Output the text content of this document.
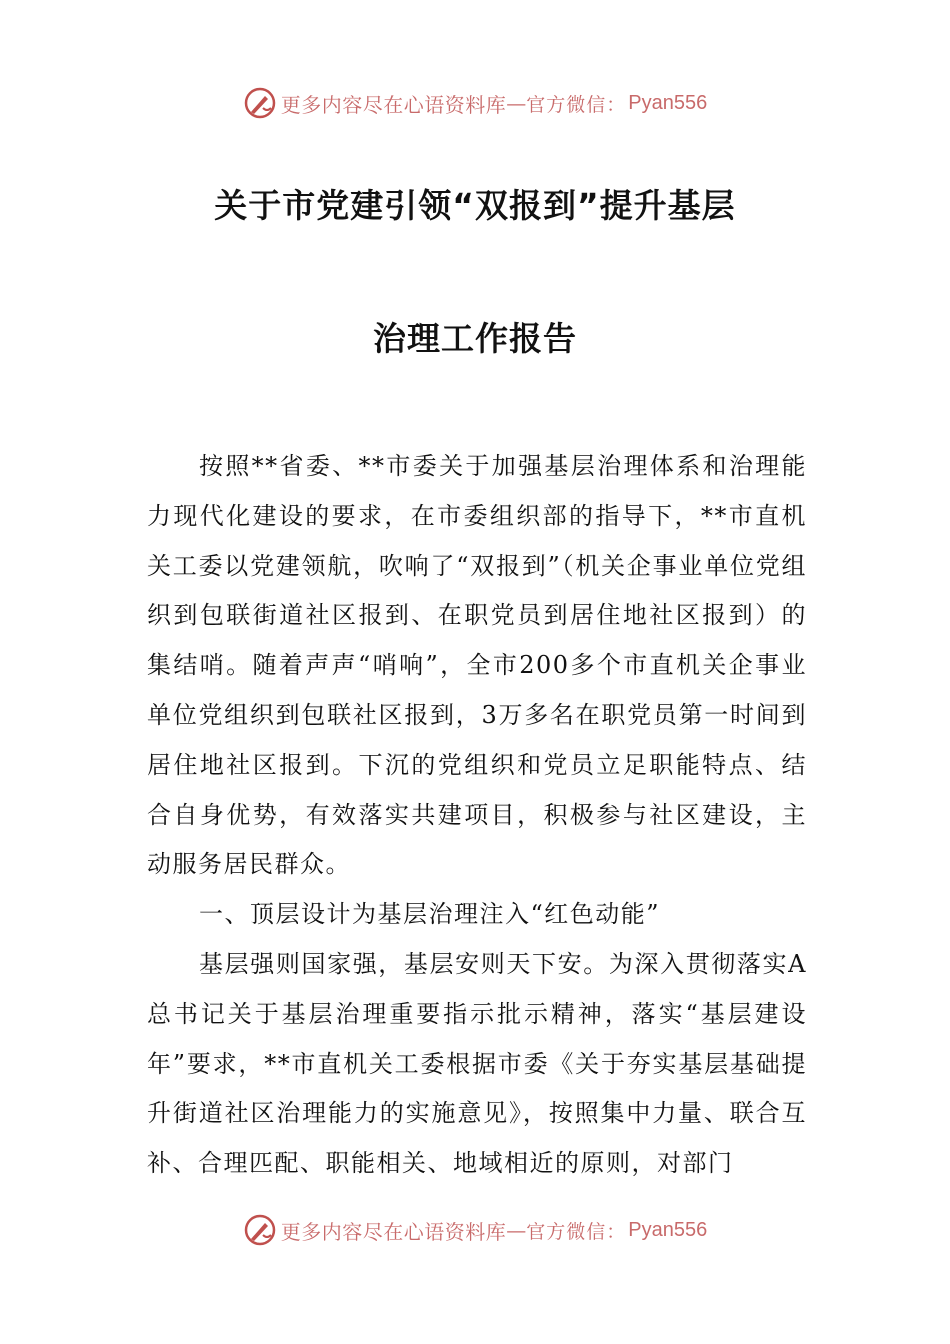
更多内容尽在心语资料库 — 官方微信： Pyan556
关于市党建引领“双报到”提升基层
治理工作报告

按照**省委、**市委关于加强基层治理体系和治理能力现代化建设的要求，在市委组织部的指导下，**市直机关工委以党建领航，吹响了“双报到”（机关企事业单位党组织到包联街道社区报到、在职党员到居住地社区报到）的集结哨。随着声声“哨响”，全市200多个市直机关企事业单位党组织到包联社区报到，3万多名在职党员第一时间到居住地社区报到。下沉的党组织和党员立足职能特点、结合自身优势，有效落实共建项目，积极参与社区建设，主动服务居民群众。

一、顶层设计为基层治理注入“红色动能”

基层强则国家强，基层安则天下安。为深入贯彻落实A总书记关于基层治理重要指示批示精神，落实“基层建设年”要求，**市直机关工委根据市委《关于夯实基层基础提升街道社区治理能力的实施意见》，按照集中力量、联合互补、合理匹配、职能相关、地域相近的原则，对部门

更多内容尽在心语资料库 — 官方微信： Pyan556
